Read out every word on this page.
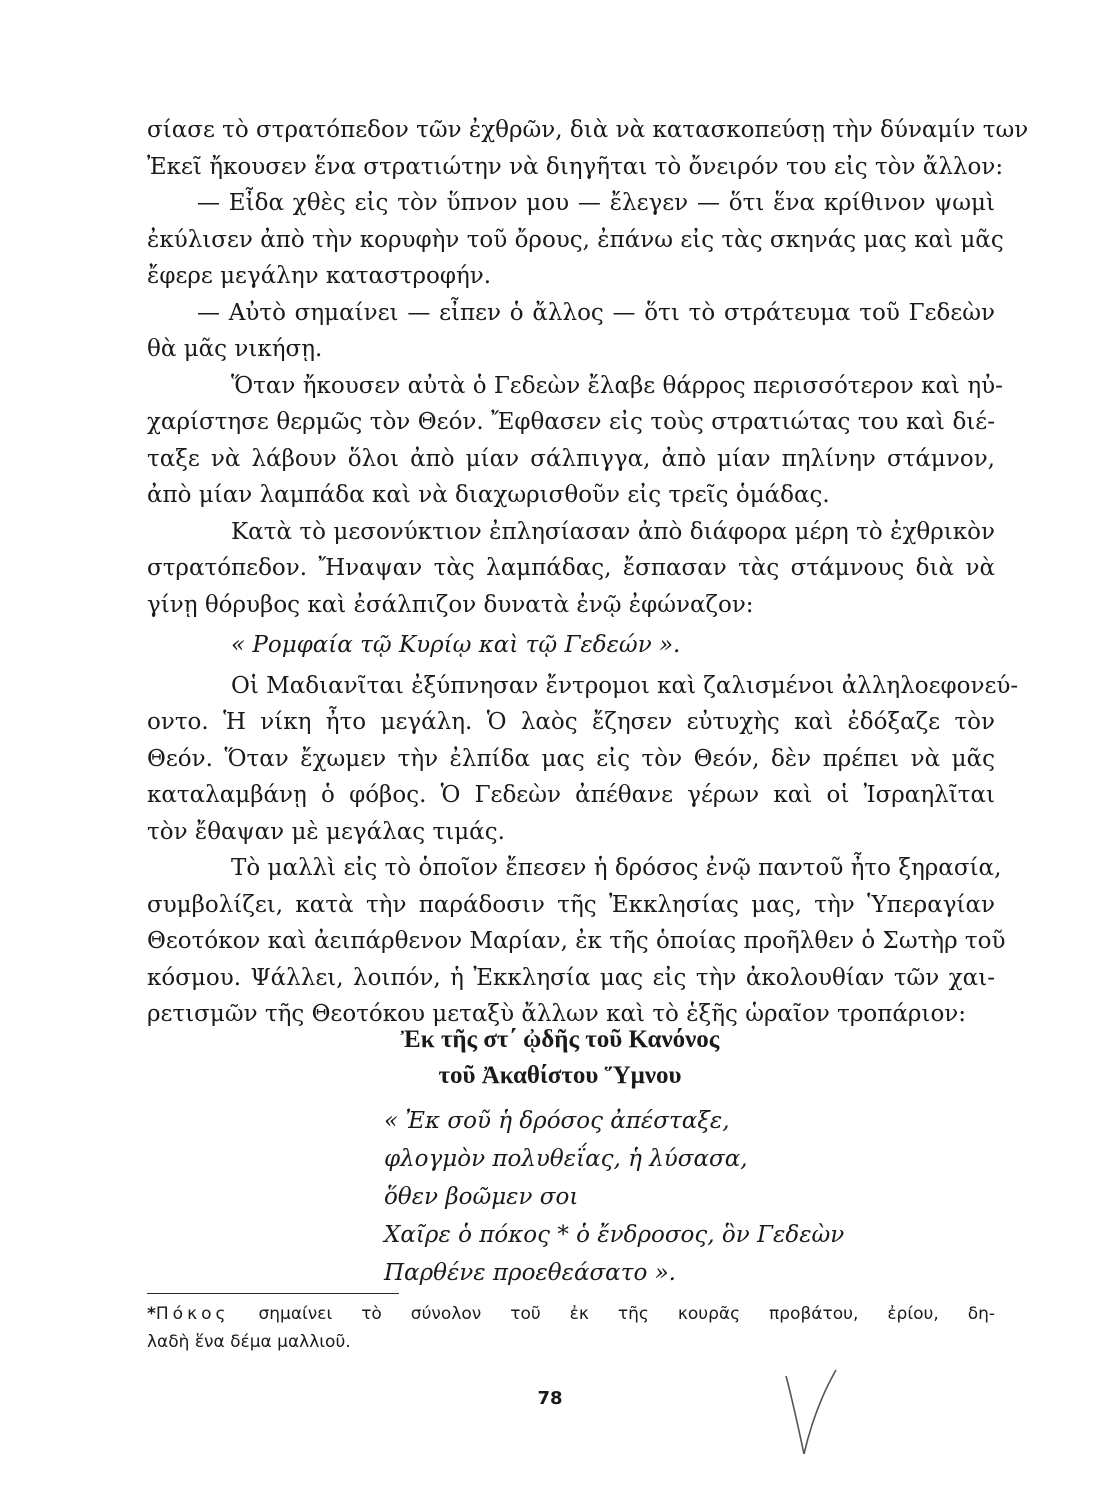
σίασε τὸ στρατόπεδον τῶν ἐχθρῶν, διὰ νὰ κατασκοπεύσῃ τὴν δύναμίν των
Ἐκεῖ ἤκουσεν ἕνα στρατιώτην νὰ διηγῆται τὸ ὄνειρόν του εἰς τὸν ἄλλον:
— Εἶδα χθὲς εἰς τὸν ὕπνον μου — ἔλεγεν — ὅτι ἕνα κρίθινον ψωμὶ
ἐκύλισεν ἀπὸ τὴν κορυφὴν τοῦ ὄρους, ἐπάνω εἰς τὰς σκηνάς μας καὶ μᾶς
ἔφερε μεγάλην καταστροφήν.
— Αὐτὸ σημαίνει — εἶπεν ὁ ἄλλος — ὅτι τὸ στράτευμα τοῦ Γεδεὼν
θὰ μᾶς νικήσῃ.
Ὅταν ἤκουσεν αὐτὰ ὁ Γεδεὼν ἔλαβε θάρρος περισσότερον καὶ ηὐ-
χαρίστησε θερμῶς τὸν Θεόν. Ἔφθασεν εἰς τοὺς στρατιώτας του καὶ διέ-
ταξε νὰ λάβουν ὅλοι ἀπὸ μίαν σάλπιγγα, ἀπὸ μίαν πηλίνην στάμνον,
ἀπὸ μίαν λαμπάδα καὶ νὰ διαχωρισθοῦν εἰς τρεῖς ὁμάδας.
Κατὰ τὸ μεσονύκτιον ἐπλησίασαν ἀπὸ διάφορα μέρη τὸ ἐχθρικὸν
στρατόπεδον. Ἤναψαν τὰς λαμπάδας, ἔσπασαν τὰς στάμνους διὰ νὰ
γίνῃ θόρυβος καὶ ἐσάλπιζον δυνατὰ ἐνῷ ἐφώναζον:
« Ρομφαία τῷ Κυρίῳ καὶ τῷ Γεδεών ».
Οἱ Μαδιανῖται ἐξύπνησαν ἔντρομοι καὶ ζαλισμένοι ἀλληλοεφονεύ-
οντο. Ἡ νίκη ἦτο μεγάλη. Ὁ λαὸς ἔζησεν εὐτυχὴς καὶ ἐδόξαζε τὸν
Θεόν. Ὅταν ἔχωμεν τὴν ἐλπίδα μας εἰς τὸν Θεόν, δὲν πρέπει νὰ μᾶς
καταλαμβάνῃ ὁ φόβος. Ὁ Γεδεὼν ἀπέθανε γέρων καὶ οἱ Ἰσραηλῖται
τὸν ἔθαψαν μὲ μεγάλας τιμάς.
Τὸ μαλλὶ εἰς τὸ ὁποῖον ἔπεσεν ἡ δρόσος ἐνῷ παντοῦ ἦτο ξηρασία,
συμβολίζει, κατὰ τὴν παράδοσιν τῆς Ἐκκλησίας μας, τὴν Ὑπεραγίαν
Θεοτόκον καὶ ἀειπάρθενον Μαρίαν, ἐκ τῆς ὁποίας προῆλθεν ὁ Σωτὴρ τοῦ
κόσμου. Ψάλλει, λοιπόν, ἡ Ἐκκλησία μας εἰς τὴν ἀκολουθίαν τῶν χαι-
ρετισμῶν τῆς Θεοτόκου μεταξὺ ἄλλων καὶ τὸ ἑξῆς ὡραῖον τροπάριον:
Ἐκ τῆς στ΄ ᾠδῆς τοῦ Κανόνος
τοῦ Ἀκαθίστου Ὕμνου
« Ἐκ σοῦ ἡ δρόσος ἀπέσταξε,
φλογμὸν πολυθεΐας, ἡ λύσασα,
ὅθεν βοῶμεν σοι
Χαῖρε ὁ πόκος * ὁ ἔνδροσος, ὃν Γεδεὼν
Παρθένε προεθεάσατο ».
*Πόκος σημαίνει τὸ σύνολον τοῦ ἐκ τῆς κουρᾶς προβάτου, ἐρίου, δη-
λαδὴ ἕνα δέμα μαλλιοῦ.
78
